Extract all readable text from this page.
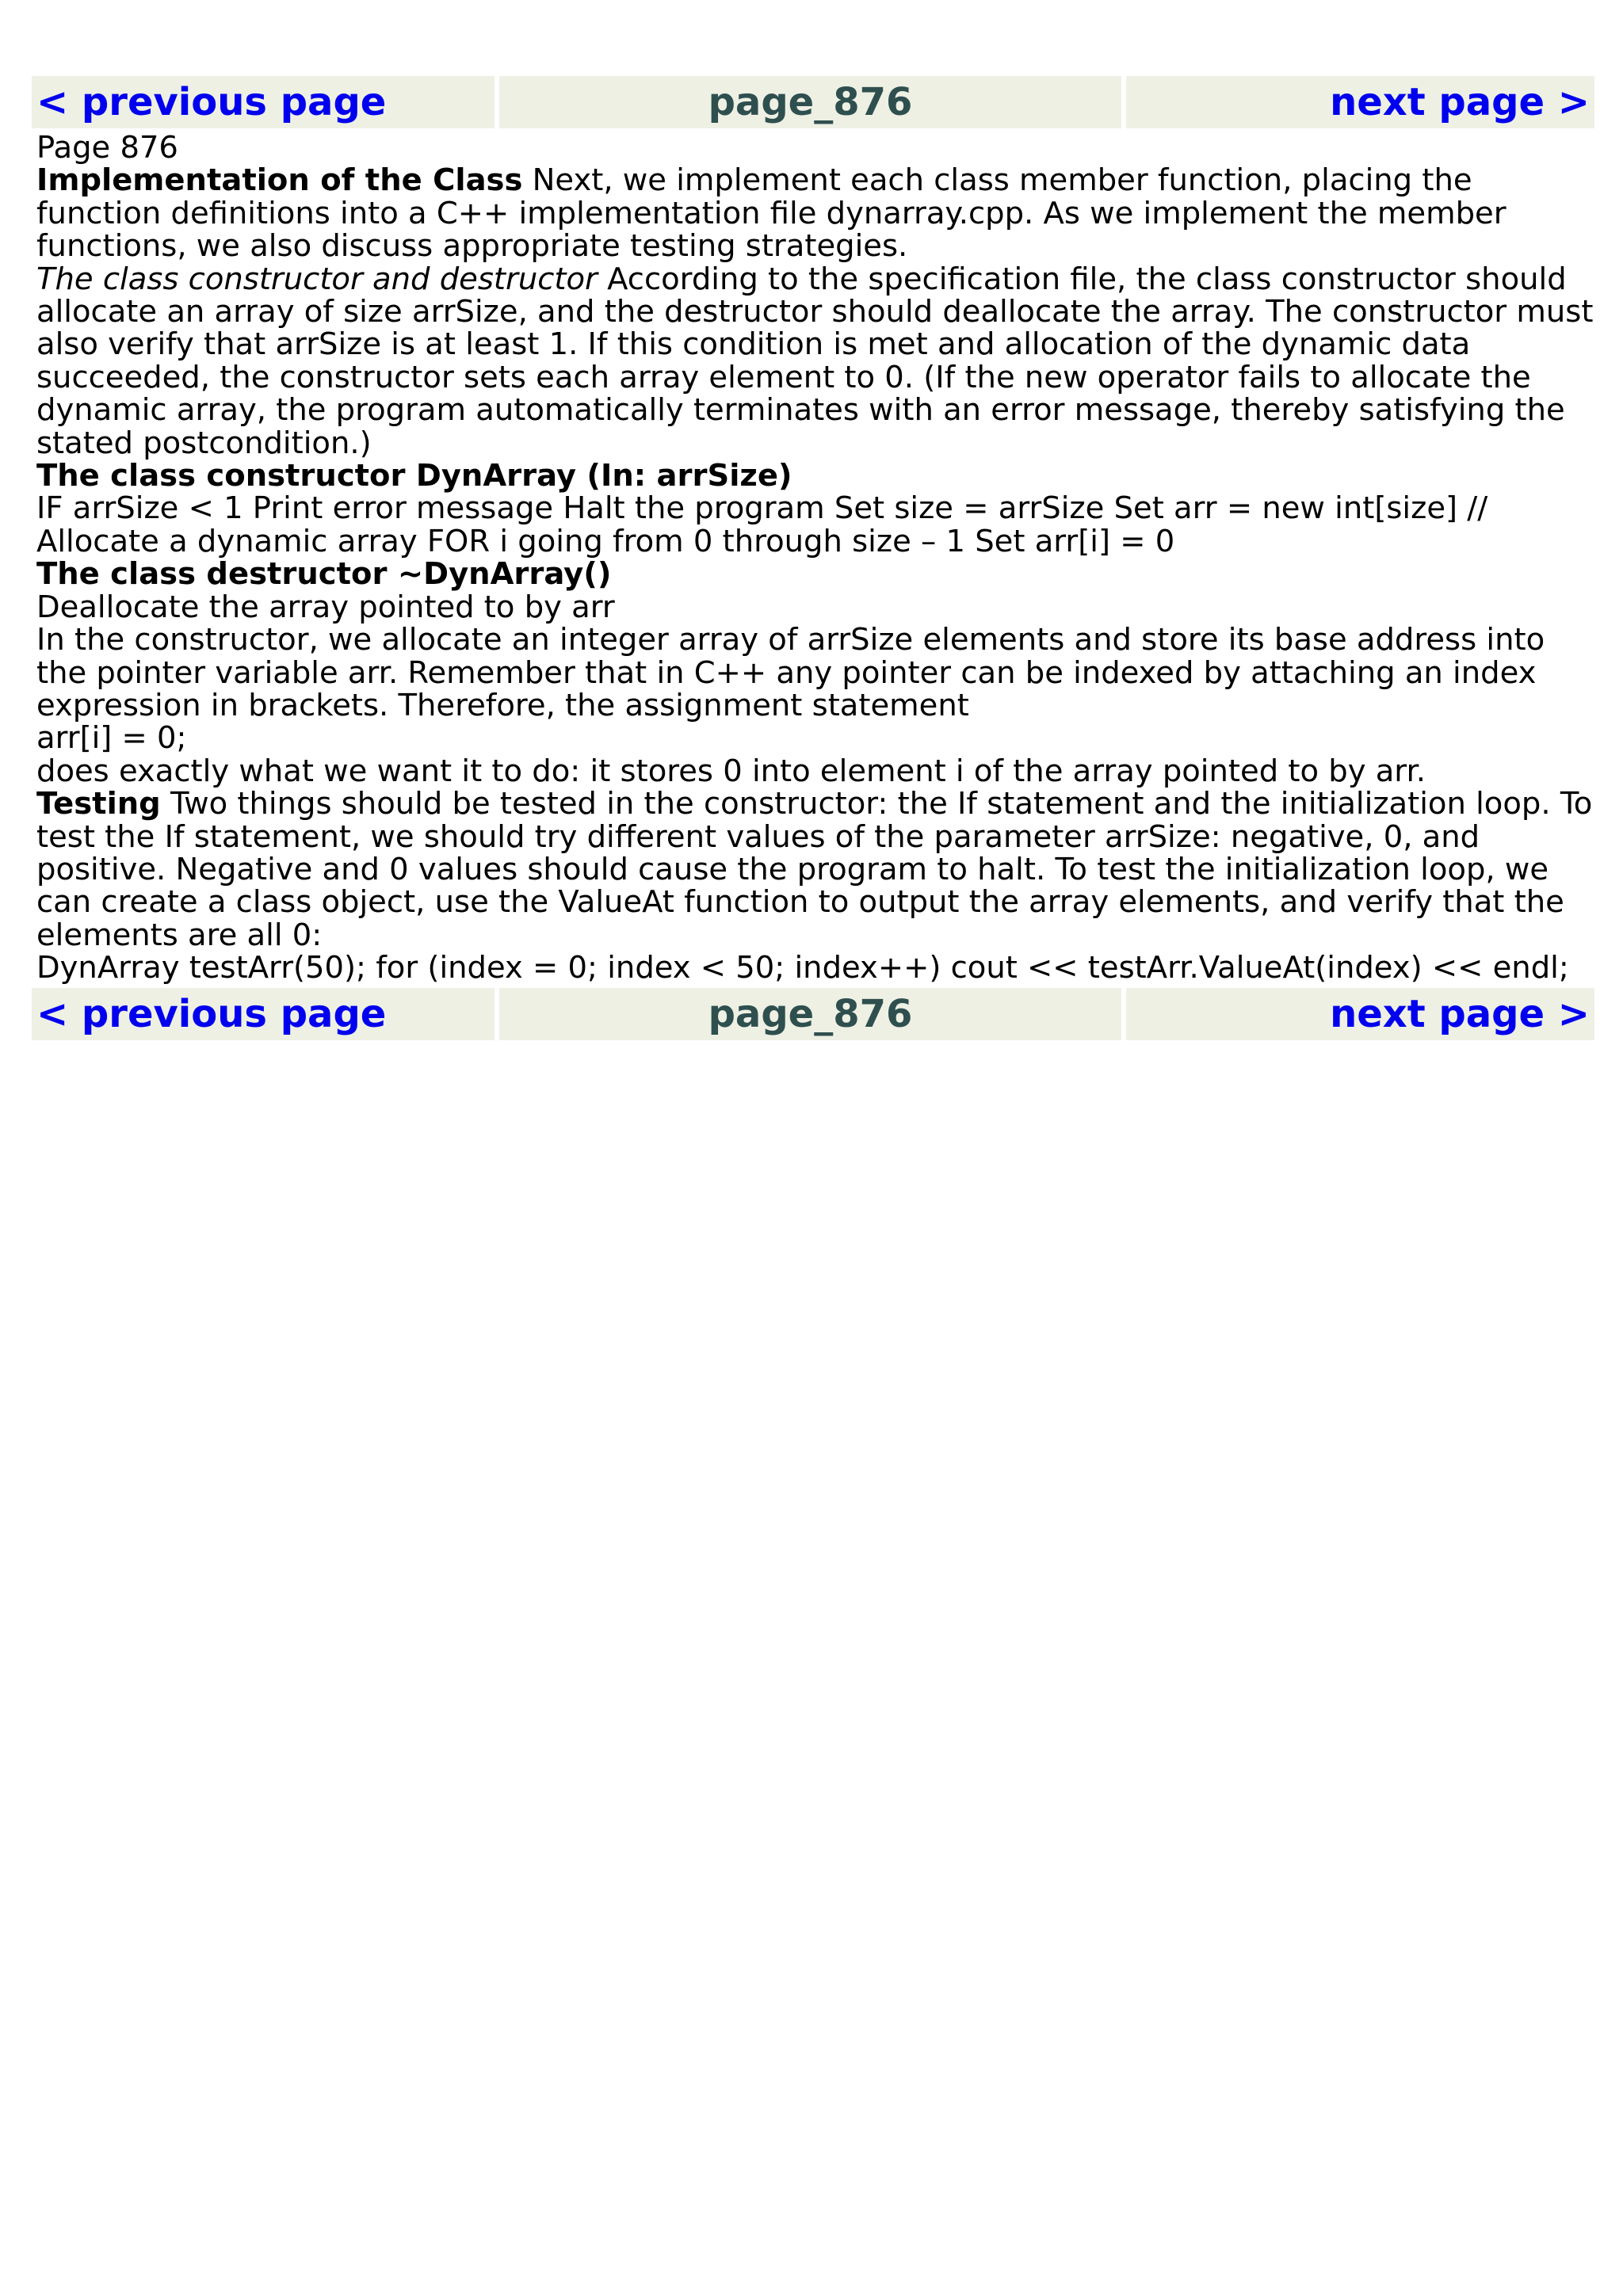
< previous page	page_876	next page >

Page 876

Implementation of the Class Next, we implement each class member function, placing the function definitions into a C++ implementation file dynarray.cpp. As we implement the member functions, we also discuss appropriate testing strategies.

The class constructor and destructor According to the specification file, the class constructor should allocate an array of size arrSize, and the destructor should deallocate the array. The constructor must also verify that arrSize is at least 1. If this condition is met and allocation of the dynamic data succeeded, the constructor sets each array element to 0. (If the new operator fails to allocate the dynamic array, the program automatically terminates with an error message, thereby satisfying the stated postcondition.)

The class constructor DynArray (In: arrSize)

IF arrSize < 1 Print error message Halt the program Set size = arrSize Set arr = new int[size] // Allocate a dynamic array FOR i going from 0 through size – 1 Set arr[i] = 0

The class destructor ~DynArray()

Deallocate the array pointed to by arr

In the constructor, we allocate an integer array of arrSize elements and store its base address into the pointer variable arr. Remember that in C++ any pointer can be indexed by attaching an index expression in brackets. Therefore, the assignment statement

arr[i] = 0;

does exactly what we want it to do: it stores 0 into element i of the array pointed to by arr.

Testing Two things should be tested in the constructor: the If statement and the initialization loop. To test the If statement, we should try different values of the parameter arrSize: negative, 0, and positive. Negative and 0 values should cause the program to halt. To test the initialization loop, we can create a class object, use the ValueAt function to output the array elements, and verify that the elements are all 0:

DynArray testArr(50); for (index = 0; index < 50; index++) cout << testArr.ValueAt(index) << endl;

< previous page	page_876	next page >
